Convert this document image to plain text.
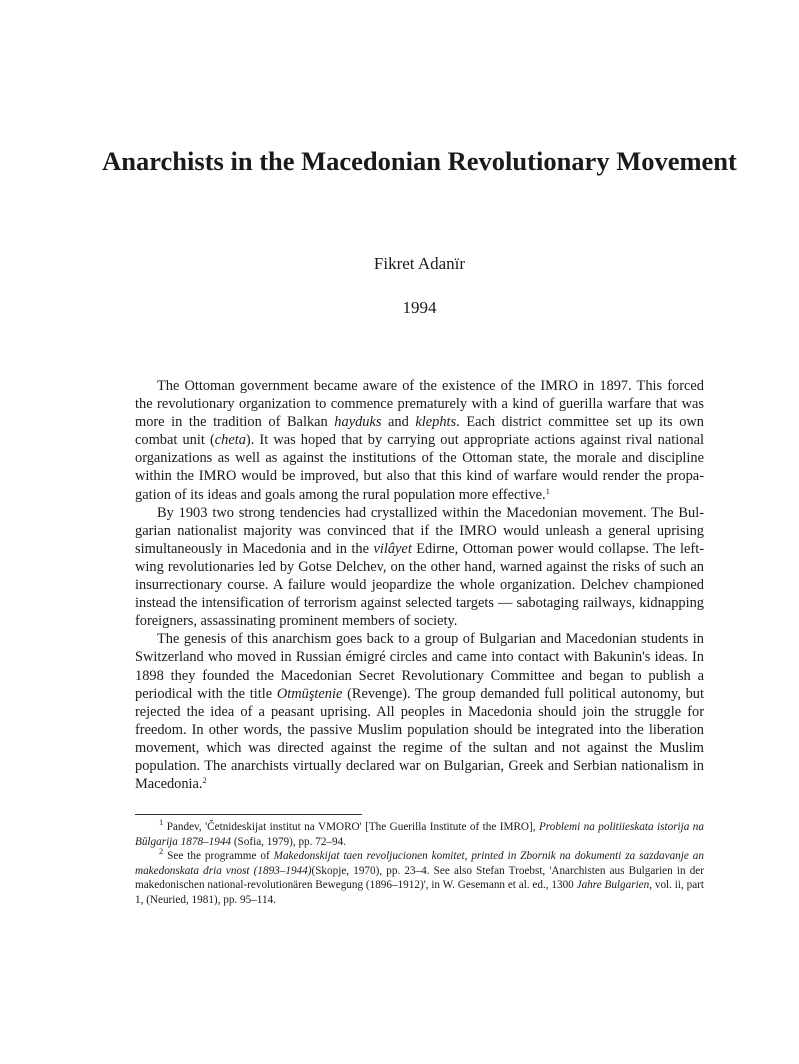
Anarchists in the Macedonian Revolutionary Movement
Fikret Adanïr
1994

The Ottoman government became aware of the existence of the IMRO in 1897. This forced the revolutionary organization to commence prematurely with a kind of guerilla warfare that was more in the tradition of Balkan hayduks and klephts. Each district committee set up its own combat unit (cheta). It was hoped that by carrying out appropriate actions against rival national organizations as well as against the institutions of the Ottoman state, the morale and discipline within the IMRO would be improved, but also that this kind of warfare would render the propagation of its ideas and goals among the rural population more effective.$^1$

By 1903 two strong tendencies had crystallized within the Macedonian movement. The Bulgarian nationalist majority was convinced that if the IMRO would unleash a general uprising simultaneously in Macedonia and in the vilâyet Edirne, Ottoman power would collapse. The leftwing revolutionaries led by Gotse Delchev, on the other hand, warned against the risks of such an insurrectionary course. A failure would jeopardize the whole organization. Delchev championed instead the intensification of terrorism against selected targets — sabotaging railways, kidnapping foreigners, assassinating prominent members of society.

The genesis of this anarchism goes back to a group of Bulgarian and Macedonian students in Switzerland who moved in Russian émigré circles and came into contact with Bakunin's ideas. In 1898 they founded the Macedonian Secret Revolutionary Committee and began to publish a periodical with the title Otmūştenie (Revenge). The group demanded full political autonomy, but rejected the idea of a peasant uprising. All peoples in Macedonia should join the struggle for freedom. In other words, the passive Muslim population should be integrated into the liberation movement, which was directed against the regime of the sultan and not against the Muslim population. The anarchists virtually declared war on Bulgarian, Greek and Serbian nationalism in Macedonia.$^2$

$^1$ Pandev, 'Četnideskijat institut na VMORO' [The Guerilla Institute of the IMRO], Problemi na politiieskata istorija na Bŭlgarija 1878–1944 (Sofia, 1979), pp. 72–94.

$^2$ See the programme of Makedonskijat taen revoljucionen komitet, printed in Zbornik na dokumenti za sazdavanje an makedonskata dria vnost (1893–1944)(Skopje, 1970), pp. 23–4. See also Stefan Troebst, 'Anarchisten aus Bulgarien in der makedonischen national-revolutionären Bewegung (1896–1912)', in W. Gesemann et al. ed., 1300 Jahre Bulgarien, vol. ii, part 1, (Neuried, 1981), pp. 95–114.
